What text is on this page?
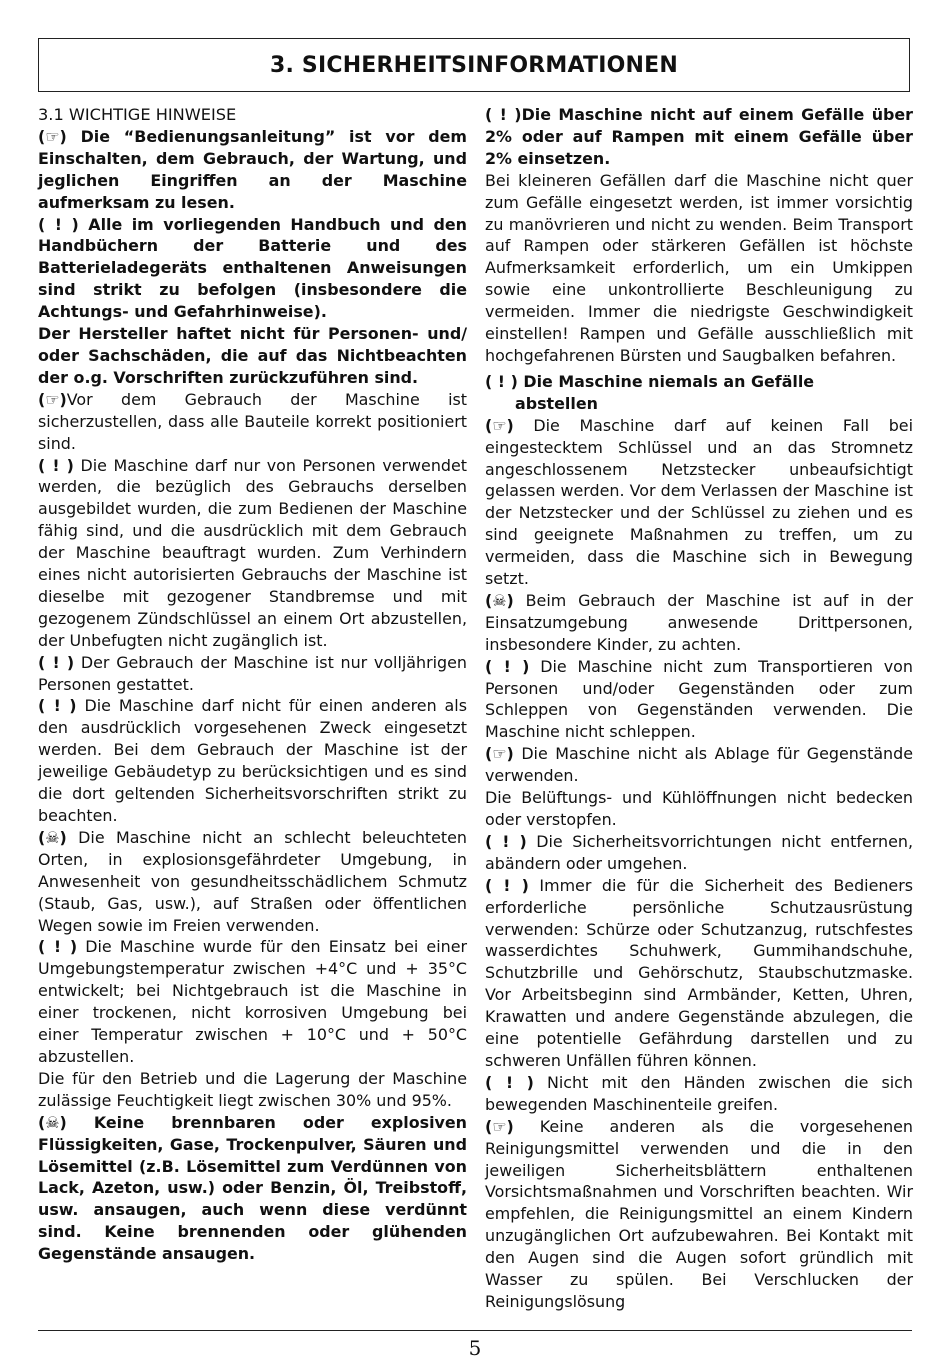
3. SICHERHEITSINFORMATIONEN

3.1 WICHTIGE HINWEISE

(☞) Die “Bedienungsanleitung” ist vor dem Einschalten, dem Gebrauch, der Wartung, und jeglichen Eingriffen an der Maschine aufmerksam zu lesen.

( ! ) Alle im vorliegenden Handbuch und den Handbüchern der Batterie und des Batterieladegeräts enthaltenen Anweisungen sind strikt zu befolgen (insbesondere die Achtungs- und Gefahrhinweise).

Der Hersteller haftet nicht für Personen- und/ oder Sachschäden, die auf das Nichtbeachten der o.g. Vorschriften zurückzuführen sind.

(☞)Vor dem Gebrauch der Maschine ist sicherzustellen, dass alle Bauteile korrekt positioniert sind.

( ! ) Die Maschine darf nur von Personen verwendet werden, die bezüglich des Gebrauchs derselben ausgebildet wurden, die zum Bedienen der Maschine fähig sind, und die ausdrücklich mit dem Gebrauch der Maschine beauftragt wurden. Zum Verhindern eines nicht autorisierten Gebrauchs der Maschine ist dieselbe mit gezogener Standbremse und mit gezogenem Zündschlüssel an einem Ort abzustellen, der Unbefugten nicht zugänglich ist.

( ! ) Der Gebrauch der Maschine ist nur volljährigen Personen gestattet.

( ! ) Die Maschine darf nicht für einen anderen als den ausdrücklich vorgesehenen Zweck eingesetzt werden. Bei dem Gebrauch der Maschine ist der jeweilige Gebäudetyp zu berücksichtigen und es sind die dort geltenden Sicherheitsvorschriften strikt zu beachten.

(☠) Die Maschine nicht an schlecht beleuchteten Orten, in explosionsgefährdeter Umgebung, in Anwesenheit von gesundheitsschädlichem Schmutz (Staub, Gas, usw.), auf Straßen oder öffentlichen Wegen sowie im Freien verwenden.

( ! ) Die Maschine wurde für den Einsatz bei einer Umgebungstemperatur zwischen +4°C und + 35°C entwickelt; bei Nichtgebrauch ist die Maschine in einer trockenen, nicht korrosiven Umgebung bei einer Temperatur zwischen + 10°C und + 50°C abzustellen.

Die für den Betrieb und die Lagerung der Maschine zulässige Feuchtigkeit liegt zwischen 30% und 95%.

(☠) Keine brennbaren oder explosiven Flüssigkeiten, Gase, Trockenpulver, Säuren und Lösemittel (z.B. Lösemittel zum Verdünnen von Lack, Azeton, usw.) oder Benzin, Öl, Treibstoff, usw. ansaugen, auch wenn diese verdünnt sind. Keine brennenden oder glühenden Gegenstände ansaugen.

( ! )Die Maschine nicht auf einem Gefälle über 2% oder auf Rampen mit einem Gefälle über 2% einsetzen.

Bei kleineren Gefällen darf die Maschine nicht quer zum Gefälle eingesetzt werden, ist immer vorsichtig zu manövrieren und nicht zu wenden. Beim Transport auf Rampen oder stärkeren Gefällen ist höchste Aufmerksamkeit erforderlich, um ein Umkippen sowie eine unkontrollierte Beschleunigung zu vermeiden. Immer die niedrigste Geschwindigkeit einstellen! Rampen und Gefälle ausschließlich mit hochgefahrenen Bürsten und Saugbalken befahren.

( ! ) Die Maschine niemals an Gefälle

abstellen

(☞) Die Maschine darf auf keinen Fall bei eingestecktem Schlüssel und an das Stromnetz angeschlossenem Netzstecker unbeaufsichtigt gelassen werden. Vor dem Verlassen der Maschine ist der Netzstecker und der Schlüssel zu ziehen und es sind geeignete Maßnahmen zu treffen, um zu vermeiden, dass die Maschine sich in Bewegung setzt.

(☠) Beim Gebrauch der Maschine ist auf in der Einsatzumgebung anwesende Drittpersonen, insbesondere Kinder, zu achten.

( ! ) Die Maschine nicht zum Transportieren von Personen und/oder Gegenständen oder zum Schleppen von Gegenständen verwenden. Die Maschine nicht schleppen.

(☞) Die Maschine nicht als Ablage für Gegenstände verwenden.

Die Belüftungs- und Kühlöffnungen nicht bedecken oder verstopfen.

( ! ) Die Sicherheitsvorrichtungen nicht entfernen, abändern oder umgehen.

( ! ) Immer die für die Sicherheit des Bedieners erforderliche persönliche Schutzausrüstung verwenden: Schürze oder Schutzanzug, rutschfestes wasserdichtes Schuhwerk, Gummihandschuhe, Schutzbrille und Gehörschutz, Staubschutzmaske. Vor Arbeitsbeginn sind Armbänder, Ketten, Uhren, Krawatten und andere Gegenstände abzulegen, die eine potentielle Gefährdung darstellen und zu schweren Unfällen führen können.

( ! ) Nicht mit den Händen zwischen die sich bewegenden Maschinenteile greifen.

(☞) Keine anderen als die vorgesehenen Reinigungsmittel verwenden und die in den jeweiligen Sicherheitsblättern enthaltenen Vorsichtsmaßnahmen und Vorschriften beachten. Wir empfehlen, die Reinigungsmittel an einem Kindern unzugänglichen Ort aufzubewahren. Bei Kontakt mit den Augen sind die Augen sofort gründlich mit Wasser zu spülen. Bei Verschlucken der Reinigungslösung

5
